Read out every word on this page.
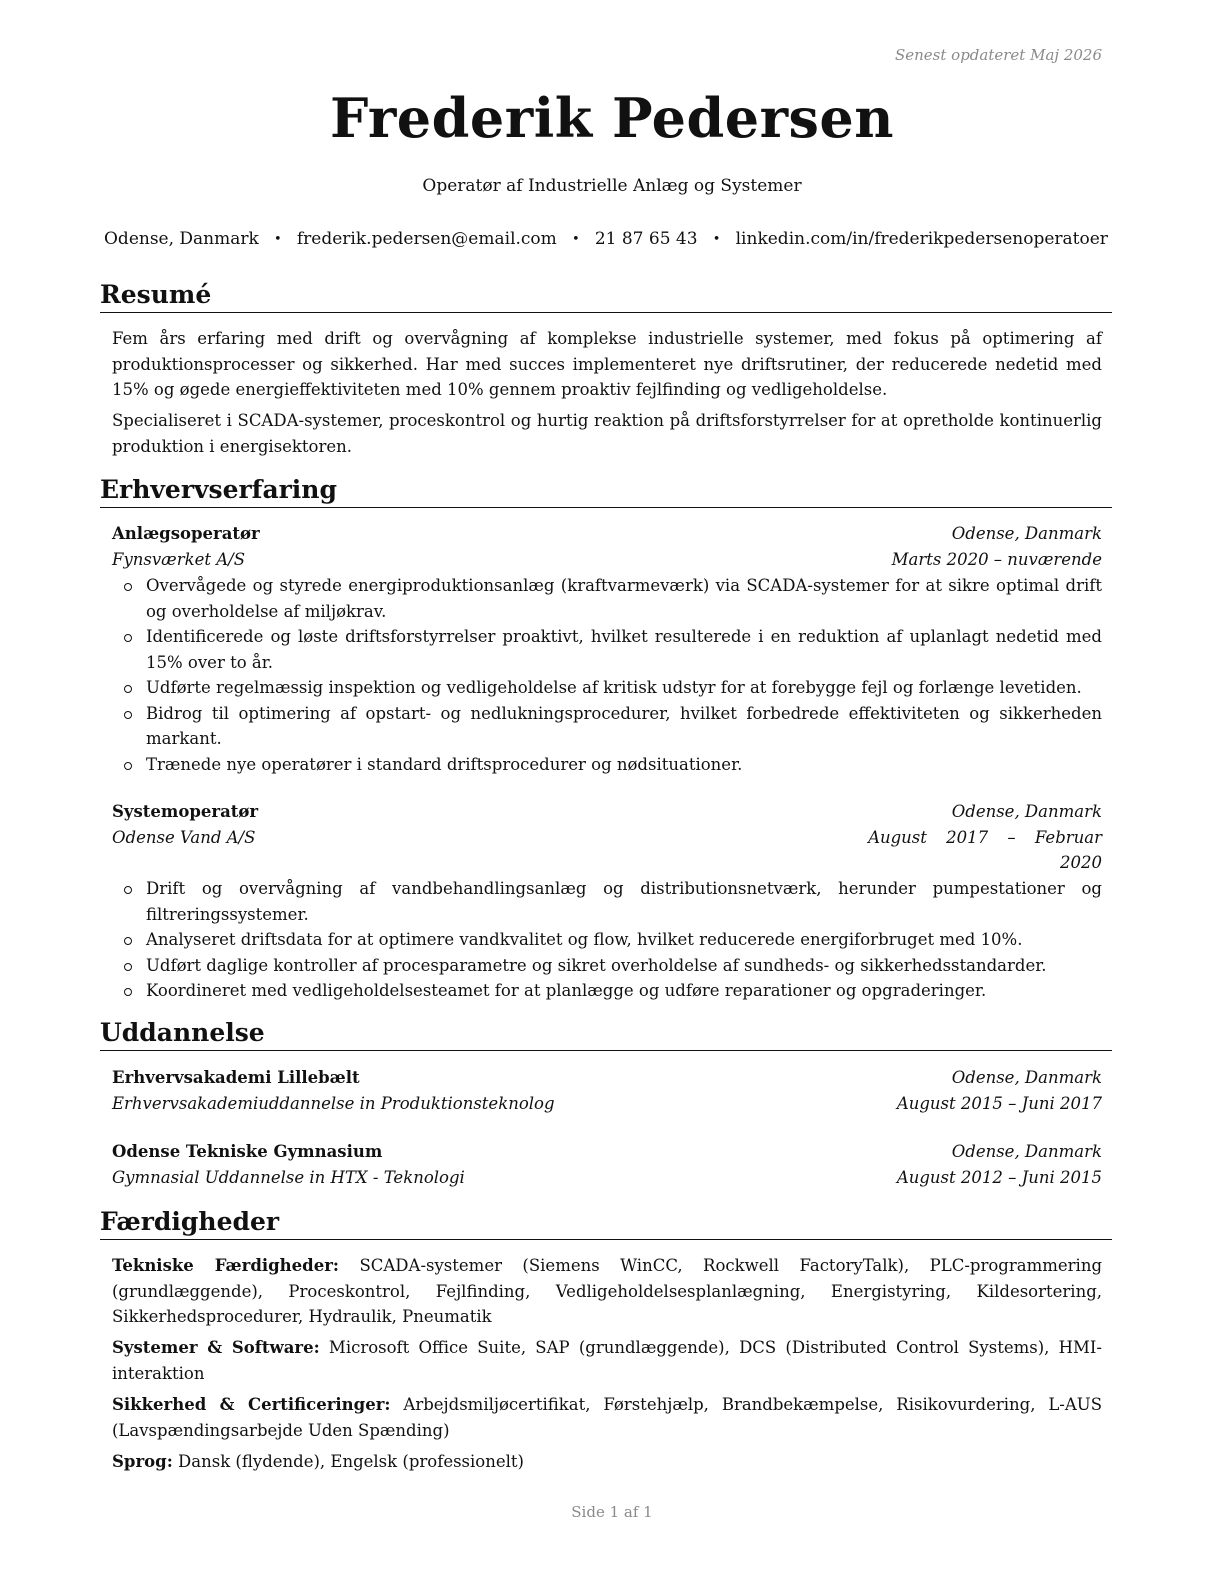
Senest opdateret Maj 2026
Frederik Pedersen
Operatør af Industrielle Anlæg og Systemer
Odense, Danmark • frederik.pedersen@email.com • 21 87 65 43 • linkedin.com/in/frederikpedersenoperatoer
Resumé
Fem års erfaring med drift og overvågning af komplekse industrielle systemer, med fokus på optimering af produktionsprocesser og sikkerhed. Har med succes implementeret nye driftsrutiner, der reducerede nedetid med 15% og øgede energieffektiviteten med 10% gennem proaktiv fejlfinding og vedligeholdelse.
Specialiseret i SCADA-systemer, proceskontrol og hurtig reaktion på driftsforstyrrelser for at opretholde kontinuerlig produktion i energisektoren.
Erhvervserfaring
Anlægsoperatør	Odense, Danmark
Fynsværket A/S	Marts 2020 – nuværende
Overvågede og styrede energiproduktionsanlæg (kraftvarmeværk) via SCADA-systemer for at sikre optimal drift og overholdelse af miljøkrav.
Identificerede og løste driftsforstyrrelser proaktivt, hvilket resulterede i en reduktion af uplanlagt nedetid med 15% over to år.
Udførte regelmæssig inspektion og vedligeholdelse af kritisk udstyr for at forebygge fejl og forlænge levetiden.
Bidrog til optimering af opstart- og nedlukningsprocedurer, hvilket forbedrede effektiviteten og sikkerheden markant.
Trænede nye operatører i standard driftsprocedurer og nødsituationer.
Systemoperatør	Odense, Danmark
Odense Vand A/S	August 2017 – Februar
2020
Drift og overvågning af vandbehandlingsanlæg og distributionsnetværk, herunder pumpestationer og filtreringssystemer.
Analyseret driftsdata for at optimere vandkvalitet og flow, hvilket reducerede energiforbruget med 10%.
Udført daglige kontroller af procesparametre og sikret overholdelse af sundheds- og sikkerhedsstandarder.
Koordineret med vedligeholdelsesteamet for at planlægge og udføre reparationer og opgraderinger.
Uddannelse
Erhvervsakademi Lillebælt	Odense, Danmark
Erhvervsakademiuddannelse in Produktionsteknolog	August 2015 – Juni 2017
Odense Tekniske Gymnasium	Odense, Danmark
Gymnasial Uddannelse in HTX - Teknologi	August 2012 – Juni 2015
Færdigheder
Tekniske Færdigheder: SCADA-systemer (Siemens WinCC, Rockwell FactoryTalk), PLC-programmering (grundlæggende), Proceskontrol, Fejlfinding, Vedligeholdelsesplanlægning, Energistyring, Kildesortering, Sikkerhedsprocedurer, Hydraulik, Pneumatik
Systemer & Software: Microsoft Office Suite, SAP (grundlæggende), DCS (Distributed Control Systems), HMI-interaktion
Sikkerhed & Certificeringer: Arbejdsmiljøcertifikat, Førstehjælp, Brandbekæmpelse, Risikovurdering, L-AUS (Lavspændingsarbejde Uden Spænding)
Sprog: Dansk (flydende), Engelsk (professionelt)
Side 1 af 1
